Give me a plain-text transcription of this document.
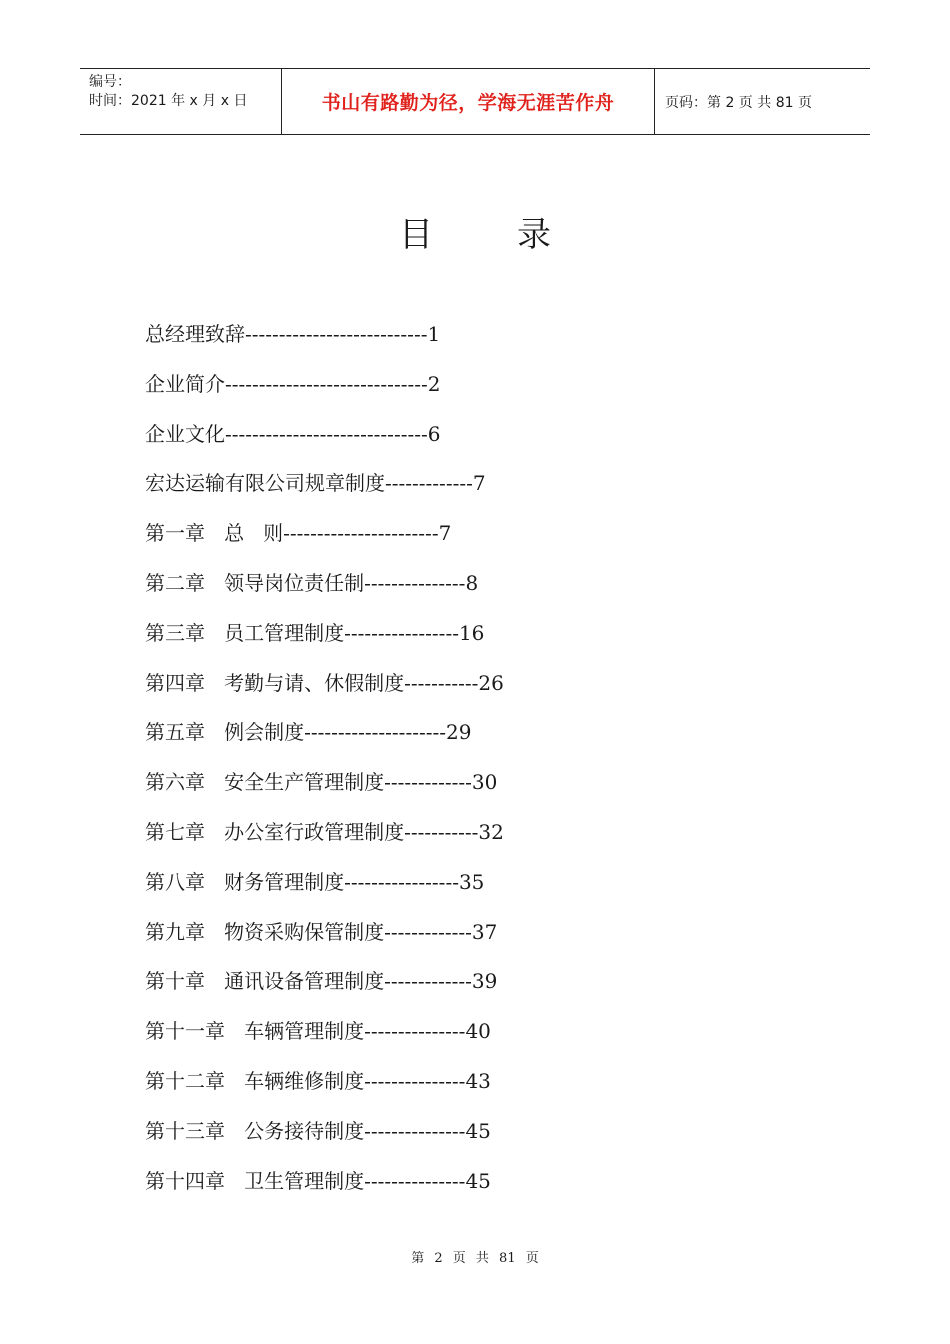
编号：
时间：2021 年 x 月 x 日	书山有路勤为径，学海无涯苦作舟	页码：第 2 页 共 81 页
目录
总经理致辞---------------------------1
企业简介------------------------------2
企业文化------------------------------6
宏达运输有限公司规章制度-------------7
第一章   总   则-----------------------7
第二章   领导岗位责任制---------------8
第三章   员工管理制度-----------------16
第四章   考勤与请、休假制度-----------26
第五章   例会制度---------------------29
第六章   安全生产管理制度-------------30
第七章   办公室行政管理制度-----------32
第八章   财务管理制度-----------------35
第九章   物资采购保管制度-------------37
第十章   通讯设备管理制度-------------39
第十一章   车辆管理制度---------------40
第十二章   车辆维修制度---------------43
第十三章   公务接待制度---------------45
第十四章   卫生管理制度---------------45
第 2 页 共 81 页
